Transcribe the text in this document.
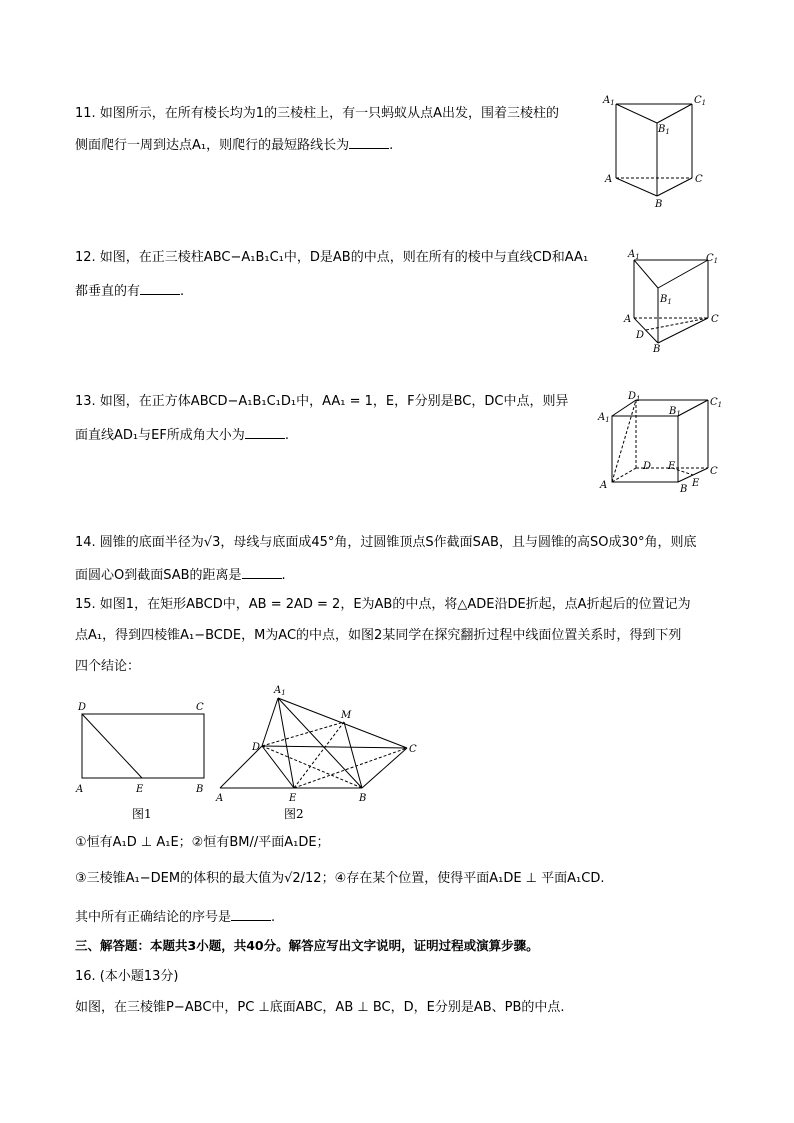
11. 如图所示，在所有棱长均为1的三棱柱上，有一只蚂蚁从点A出发，围着三棱柱的
侧面爬行一周到达点A₁，则爬行的最短路线长为	.
$A_1$	$C_1$
$B_1$
A	C
B
12. 如图，在正三棱柱ABC−A₁B₁C₁中，D是AB的中点，则在所有的棱中与直线CD和AA₁
都垂直的有	.
$A_1$	$C_1$
$B_1$
A	C
D
B
13. 如图，在正方体ABCD−A₁B₁C₁D₁中，AA₁ = 1，E，F分别是BC，DC中点，则异
面直线AD₁与EF所成角大小为	.
$D_1$
$A_1$
$B_1$
$C_1$
D F	C
A	B
E
14. 圆锥的底面半径为√3，母线与底面成45°角，过圆锥顶点S作截面SAB，且与圆锥的高SO成30°角，则底
面圆心O到截面SAB的距离是	.
15. 如图1，在矩形ABCD中，AB = 2AD = 2，E为AB的中点，将△ADE沿DE折起，点A折起后的位置记为
点A₁，得到四棱锥A₁−BCDE，M为AC的中点，如图2某同学在探究翻折过程中线面位置关系时，得到下列
四个结论：
D	C
A	E	B
图1
$A_1$
M
D	C
A	E	B
图2
①恒有A₁D ⊥ A₁E；②恒有BM//平面A₁DE；
③三棱锥A₁−DEM的体积的最大值为√2/12；④存在某个位置，使得平面A₁DE ⊥ 平面A₁CD.
其中所有正确结论的序号是	.
三、解答题：本题共3小题，共40分。解答应写出文字说明，证明过程或演算步骤。
16. (本小题13分)
如图，在三棱锥P−ABC中，PC ⊥底面ABC，AB ⊥ BC，D，E分别是AB、PB的中点.
